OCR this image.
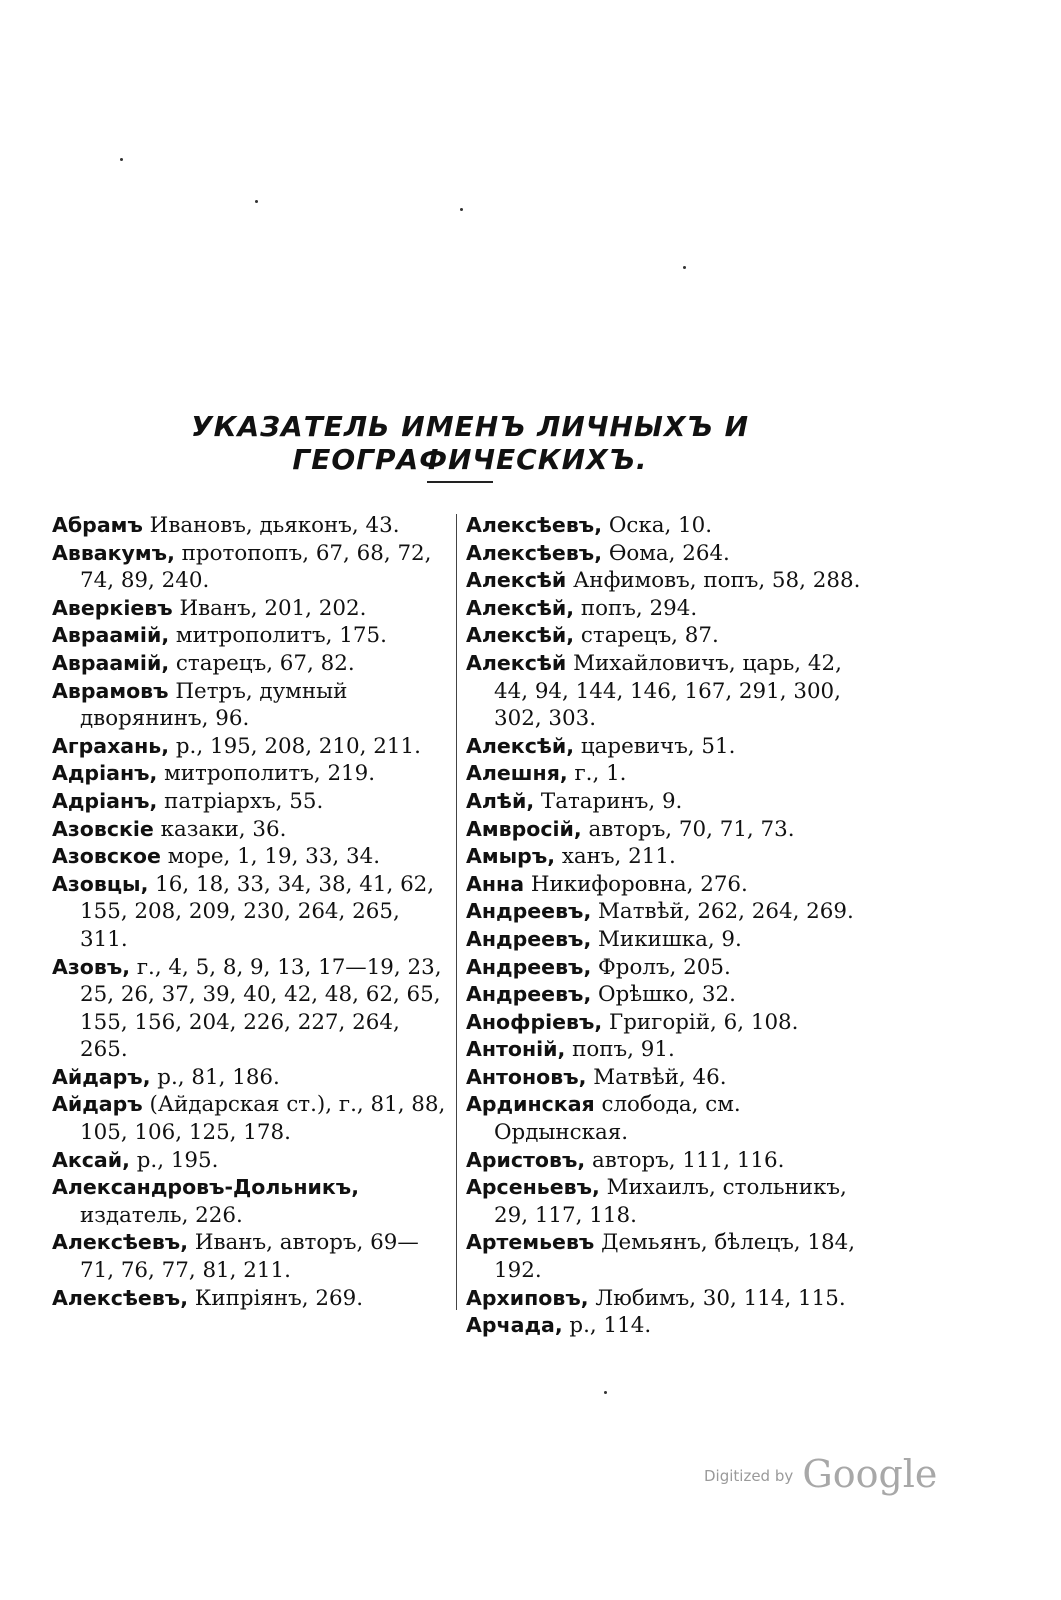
УКАЗАТЕЛЬ ИМЕНЪ ЛИЧНЫХЪ И ГЕОГРАФИЧЕСКИХЪ.
Абрамъ Ивановъ, дьяконъ, 43.
Аввакумъ, протопопъ, 67, 68, 72, 74, 89, 240.
Аверкіевъ Иванъ, 201, 202.
Авраамій, митрополитъ, 175.
Авраамій, старецъ, 67, 82.
Аврамовъ Петръ, думный дворянинъ, 96.
Аграхань, р., 195, 208, 210, 211.
Адріанъ, митрополитъ, 219.
Адріанъ, патріархъ, 55.
Азовскіе казаки, 36.
Азовское море, 1, 19, 33, 34.
Азовцы, 16, 18, 33, 34, 38, 41, 62, 155, 208, 209, 230, 264, 265, 311.
Азовъ, г., 4, 5, 8, 9, 13, 17—19, 23, 25, 26, 37, 39, 40, 42, 48, 62, 65, 155, 156, 204, 226, 227, 264, 265.
Айдаръ, р., 81, 186.
Айдаръ (Айдарская ст.), г., 81, 88, 105, 106, 125, 178.
Аксай, р., 195.
Александровъ-Дольникъ, издатель, 226.
Алексѣевъ, Иванъ, авторъ, 69—71, 76, 77, 81, 211.
Алексѣевъ, Кипріянъ, 269.
Алексѣевъ, Оска, 10.
Алексѣевъ, Ѳома, 264.
Алексѣй Анфимовъ, попъ, 58, 288.
Алексѣй, попъ, 294.
Алексѣй, старецъ, 87.
Алексѣй Михайловичъ, царь, 42, 44, 94, 144, 146, 167, 291, 300, 302, 303.
Алексѣй, царевичъ, 51.
Алешня, г., 1.
Алѣй, Татаринъ, 9.
Амвросій, авторъ, 70, 71, 73.
Амыръ, ханъ, 211.
Анна Никифоровна, 276.
Андреевъ, Матвѣй, 262, 264, 269.
Андреевъ, Микишка, 9.
Андреевъ, Фролъ, 205.
Андреевъ, Орѣшко, 32.
Анофріевъ, Григорій, 6, 108.
Антоній, попъ, 91.
Антоновъ, Матвѣй, 46.
Ардинская слобода, см. Ордынская.
Аристовъ, авторъ, 111, 116.
Арсеньевъ, Михаилъ, стольникъ, 29, 117, 118.
Артемьевъ Демьянъ, бѣлецъ, 184, 192.
Архиповъ, Любимъ, 30, 114, 115.
Арчада, р., 114.
Digitized by Google
